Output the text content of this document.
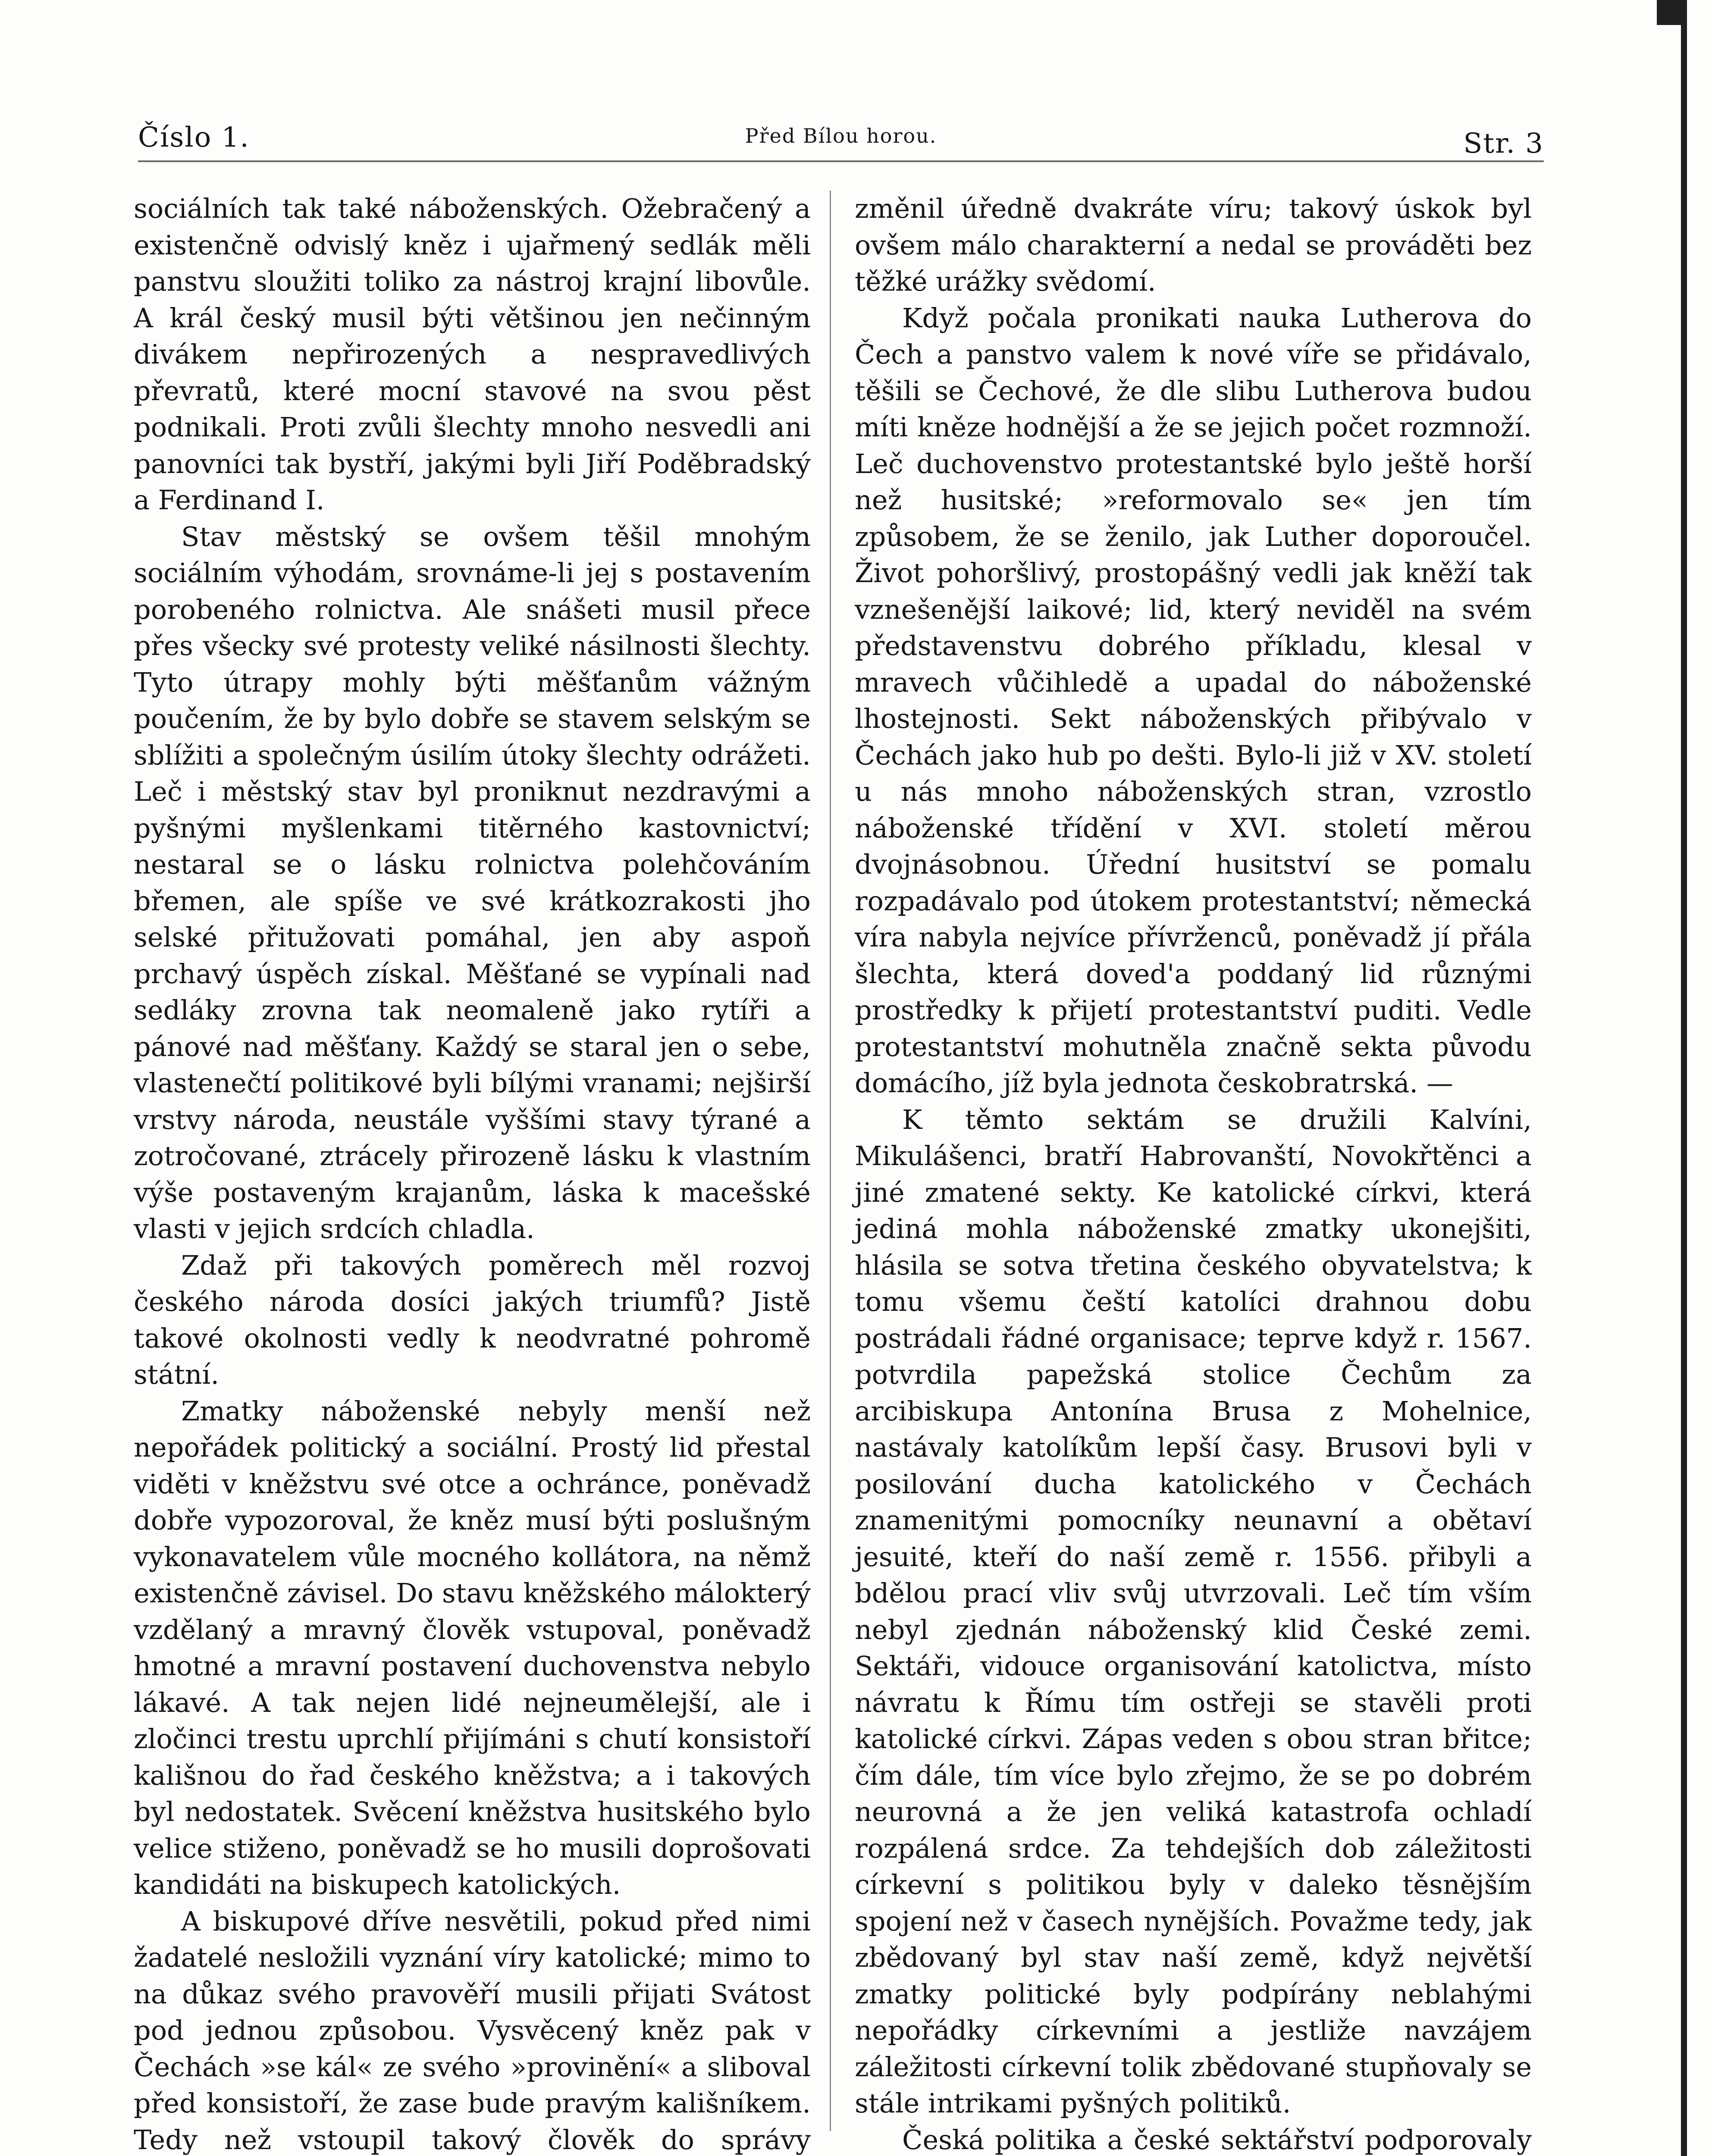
Číslo 1.	Před Bílou horou.	Str. 3

sociálních tak také náboženských. Ožebračený a existenčně odvislý kněz i ujařmený sedlák měli panstvu sloužiti toliko za nástroj krajní libovůle. A král český musil býti většinou jen nečinným divákem nepřirozených a nespravedlivých převratů, které mocní stavové na svou pěst podnikali. Proti zvůli šlechty mnoho nesvedli ani panovníci tak bystří, jakými byli Jiří Poděbradský a Ferdinand I.

Stav městský se ovšem těšil mnohým sociálním výhodám, srovnáme-li jej s postavením porobeného rolnictva. Ale snášeti musil přece přes všecky své protesty veliké násilnosti šlechty. Tyto útrapy mohly býti měšťanům vážným poučením, že by bylo dobře se stavem selským se sblížiti a společným úsilím útoky šlechty odrážeti. Leč i městský stav byl proniknut nezdravými a pyšnými myšlenkami titěrného kastovnictví; nestaral se o lásku rolnictva polehčováním břemen, ale spíše ve své krátkozrakosti jho selské přitužovati pomáhal, jen aby aspoň prchavý úspěch získal. Měšťané se vypínali nad sedláky zrovna tak neomaleně jako rytíři a pánové nad měšťany. Každý se staral jen o sebe, vlastenečtí politikové byli bílými vranami; nejširší vrstvy národa, neustále vyššími stavy týrané a zotročované, ztrácely přirozeně lásku k vlastním výše postaveným krajanům, láska k macešské vlasti v jejich srdcích chladla.

Zdaž při takových poměrech měl rozvoj českého národa dosíci jakých triumfů? Jistě takové okolnosti vedly k neodvratné pohromě státní.

Zmatky náboženské nebyly menší než nepořádek politický a sociální. Prostý lid přestal viděti v kněžstvu své otce a ochránce, poněvadž dobře vypozoroval, že kněz musí býti poslušným vykonavatelem vůle mocného kollátora, na němž existenčně závisel. Do stavu kněžského málokterý vzdělaný a mravný člověk vstupoval, poněvadž hmotné a mravní postavení duchovenstva nebylo lákavé. A tak nejen lidé nejneumělejší, ale i zločinci trestu uprchlí přijímáni s chutí konsistoří kališnou do řad českého kněžstva; a i takových byl nedostatek. Svěcení kněžstva husitského bylo velice stiženo, poněvadž se ho musili doprošovati kandidáti na biskupech katolických.

A biskupové dříve nesvětili, pokud před nimi žadatelé nesložili vyznání víry katolické; mimo to na důkaz svého pravověří musili přijati Svátost pod jednou způsobou. Vysvěcený kněz pak v Čechách »se kál« ze svého »provinění« a sliboval před konsistoří, že zase bude pravým kališníkem. Tedy než vstoupil takový člověk do správy

změnil úředně dvakráte víru; takový úskok byl ovšem málo charakterní a nedal se prováděti bez těžké urážky svědomí.

Když počala pronikati nauka Lutherova do Čech a panstvo valem k nové víře se přidávalo, těšili se Čechové, že dle slibu Lutherova budou míti kněze hodnější a že se jejich počet rozmnoží. Leč duchovenstvo protestantské bylo ještě horší než husitské; »reformovalo se« jen tím způsobem, že se ženilo, jak Luther doporoučel. Život pohoršlivý, prostopášný vedli jak kněží tak vznešenější laikové; lid, který neviděl na svém představenstvu dobrého příkladu, klesal v mravech vůčihledě a upadal do náboženské lhostejnosti. Sekt náboženských přibývalo v Čechách jako hub po dešti. Bylo-li již v XV. století u nás mnoho náboženských stran, vzrostlo náboženské třídění v XVI. století měrou dvojnásobnou. Úřední husitství se pomalu rozpadávalo pod útokem protestantství; německá víra nabyla nejvíce přívrženců, poněvadž jí přála šlechta, která doved'a poddaný lid různými prostředky k přijetí protestantství puditi. Vedle protestantství mohutněla značně sekta původu domácího, jíž byla jednota českobratrská. —

K těmto sektám se družili Kalvíni, Mikulášenci, bratří Habrovanští, Novokřtěnci a jiné zmatené sekty. Ke katolické církvi, která jediná mohla náboženské zmatky ukonejšiti, hlásila se sotva třetina českého obyvatelstva; k tomu všemu čeští katolíci drahnou dobu postrádali řádné organisace; teprve když r. 1567. potvrdila papežská stolice Čechům za arcibiskupa Antonína Brusa z Mohelnice, nastávaly katolíkům lepší časy. Brusovi byli v posilování ducha katolického v Čechách znamenitými pomocníky neunavní a obětaví jesuité, kteří do naší země r. 1556. přibyli a bdělou prací vliv svůj utvrzovali. Leč tím vším nebyl zjednán náboženský klid České zemi. Sektáři, vidouce organisování katolictva, místo návratu k Římu tím ostřeji se stavěli proti katolické církvi. Zápas veden s obou stran břitce; čím dále, tím více bylo zřejmo, že se po dobrém neurovná a že jen veliká katastrofa ochladí rozpálená srdce. Za tehdejších dob záležitosti církevní s politikou byly v daleko těsnějším spojení než v časech nynějších. Považme tedy, jak zbědovaný byl stav naší země, když největší zmatky politické byly podpírány neblahými nepořádky církevními a jestliže navzájem záležitosti církevní tolik zbědované stupňovaly se stále intrikami pyšných politiků.

Česká politika a české sektářství podporovaly
